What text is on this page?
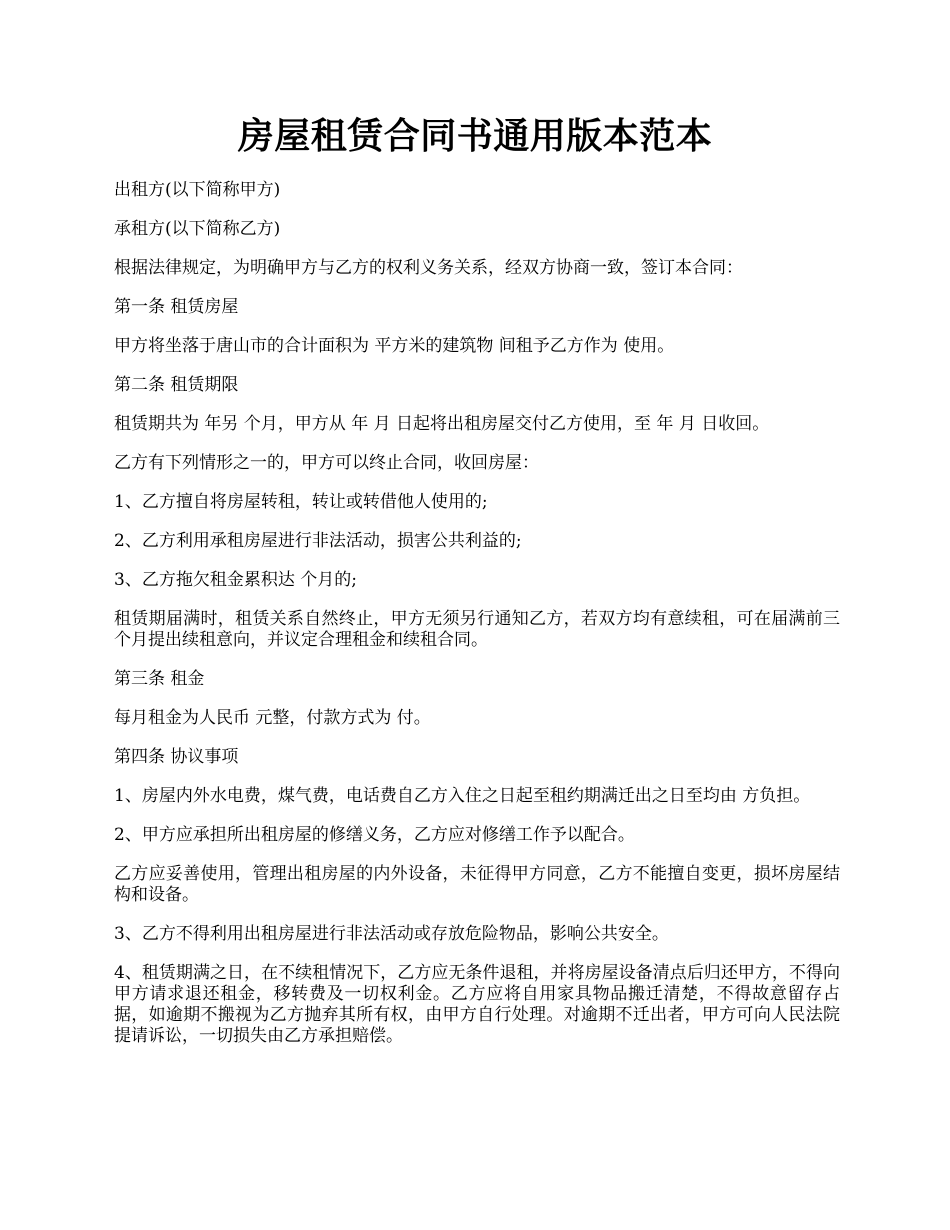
房屋租赁合同书通用版本范本

出租方(以下简称甲方)

承租方(以下简称乙方)

根据法律规定，为明确甲方与乙方的权利义务关系，经双方协商一致，签订本合同：

第一条 租赁房屋

甲方将坐落于唐山市的合计面积为 平方米的建筑物 间租予乙方作为 使用。

第二条 租赁期限

租赁期共为 年另 个月，甲方从 年 月 日起将出租房屋交付乙方使用，至 年 月 日收回。

乙方有下列情形之一的，甲方可以终止合同，收回房屋：

1、乙方擅自将房屋转租，转让或转借他人使用的;

2、乙方利用承租房屋进行非法活动，损害公共利益的;

3、乙方拖欠租金累积达 个月的;

租赁期届满时，租赁关系自然终止，甲方无须另行通知乙方，若双方均有意续租，可在届满前三个月提出续租意向，并议定合理租金和续租合同。

第三条 租金

每月租金为人民币 元整，付款方式为 付。

第四条 协议事项

1、房屋内外水电费，煤气费，电话费自乙方入住之日起至租约期满迁出之日至均由 方负担。

2、甲方应承担所出租房屋的修缮义务，乙方应对修缮工作予以配合。

乙方应妥善使用，管理出租房屋的内外设备，未征得甲方同意，乙方不能擅自变更，损坏房屋结构和设备。

3、乙方不得利用出租房屋进行非法活动或存放危险物品，影响公共安全。

4、租赁期满之日，在不续租情况下，乙方应无条件退租，并将房屋设备清点后归还甲方，不得向甲方请求退还租金，移转费及一切权利金。乙方应将自用家具物品搬迁清楚，不得故意留存占据，如逾期不搬视为乙方抛弃其所有权，由甲方自行处理。对逾期不迁出者，甲方可向人民法院提请诉讼，一切损失由乙方承担赔偿。
